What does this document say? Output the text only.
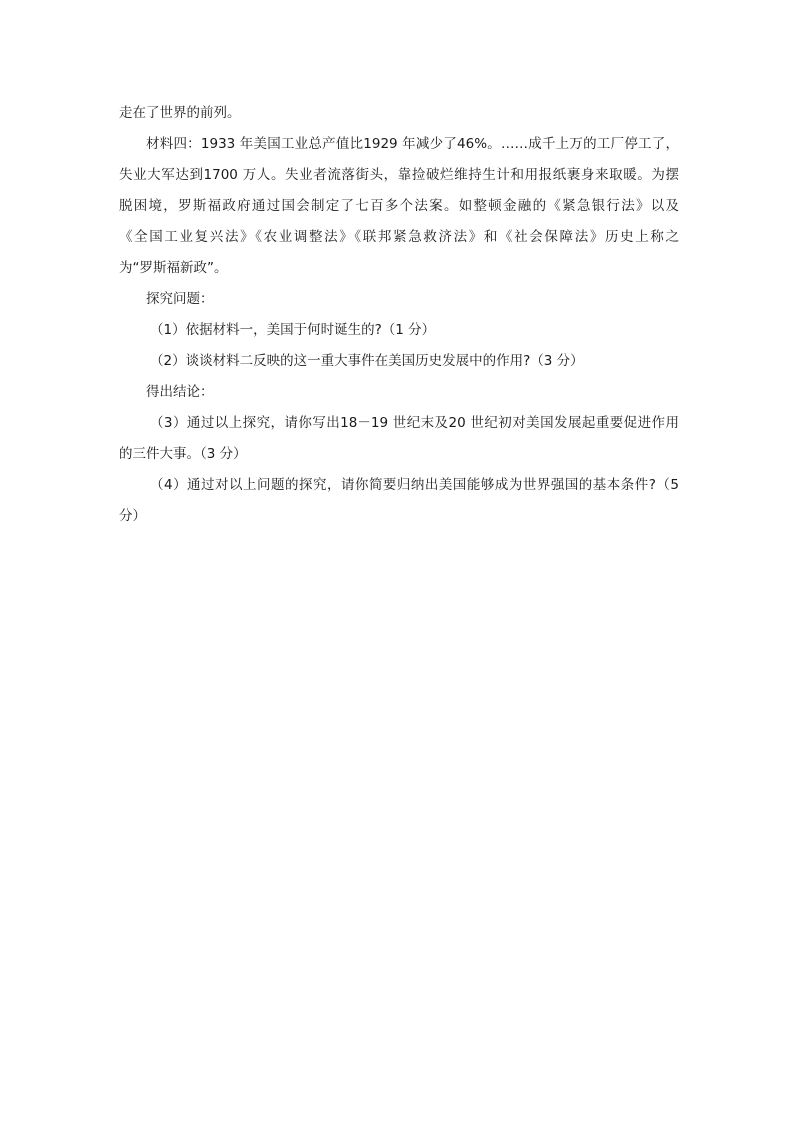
走在了世界的前列。
材料四：1933 年美国工业总产值比1929 年减少了46%。……成千上万的工厂停工了，
失业大军达到1700 万人。失业者流落街头，靠捡破烂维持生计和用报纸裹身来取暖。为摆
脱困境，罗斯福政府通过国会制定了七百多个法案。如整顿金融的《紧急银行法》以及
《全国工业复兴法》《农业调整法》《联邦紧急救济法》和《社会保障法》历史上称之
为“罗斯福新政”。
探究问题：
（1）依据材料一，美国于何时诞生的?（1 分）
（2）谈谈材料二反映的这一重大事件在美国历史发展中的作用?（3 分）
得出结论：
（3）通过以上探究，请你写出18－19 世纪末及20 世纪初对美国发展起重要促进作用
的三件大事。（3 分）
（4）通过对以上问题的探究，请你简要归纳出美国能够成为世界强国的基本条件?（5
分）
